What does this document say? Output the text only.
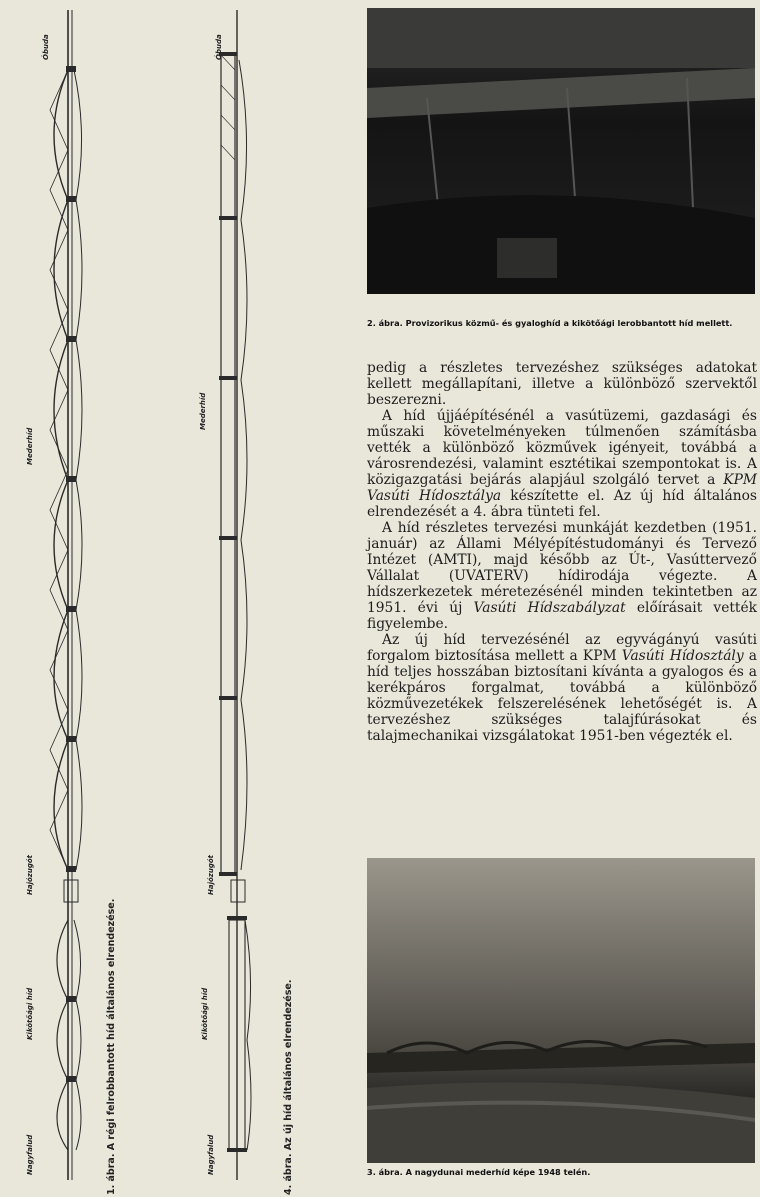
Óbuda
Mederhíd
Hajózugót
Kikötőági híd
Nagyfalud	1. ábra. A régi felrobbantott híd általános elrendezése.
Óbuda
Mederhíd
Hajózugót
Kikötőági híd
Nagyfalud	4. ábra. Az új híd általános elrendezése.
2. ábra. Provizorikus közmű- és gyaloghíd a kikötőági lerobbantott híd mellett.

pedig a részletes tervezéshez szükséges adatokat kellett megállapítani, illetve a különböző szervektől beszerezni.

A híd újjáépítésénél a vasútüzemi, gazdasági és műszaki követelményeken túlmenően számításba vették a különböző közművek igényeit, továbbá a városrendezési, valamint esztétikai szempontokat is. A közigazgatási bejárás alapjául szolgáló tervet a KPM Vasúti Hídosztálya készítette el. Az új híd általános elrendezését a 4. ábra tünteti fel.

A híd részletes tervezési munkáját kezdetben (1951. január) az Állami Mélyépítéstudományi és Tervező Intézet (AMTI), majd később az Út-, Vasúttervező Vállalat (UVATERV) hídirodája végezte. A hídszerkezetek méretezésénél minden tekintetben az 1951. évi új Vasúti Hídszabályzat előírásait vették figyelembe.

Az új híd tervezésénél az egyvágányú vasúti forgalom biztosítása mellett a KPM Vasúti Hídosztály a híd teljes hosszában biztosítani kívánta a gyalogos és a kerékpáros forgalmat, továbbá a különböző közművezetékek felszerelésének lehetőségét is. A tervezéshez szükséges talajfúrásokat és talajmechanikai vizsgálatokat 1951-ben végezték el.

3. ábra. A nagydunai mederhíd képe 1948 telén.
